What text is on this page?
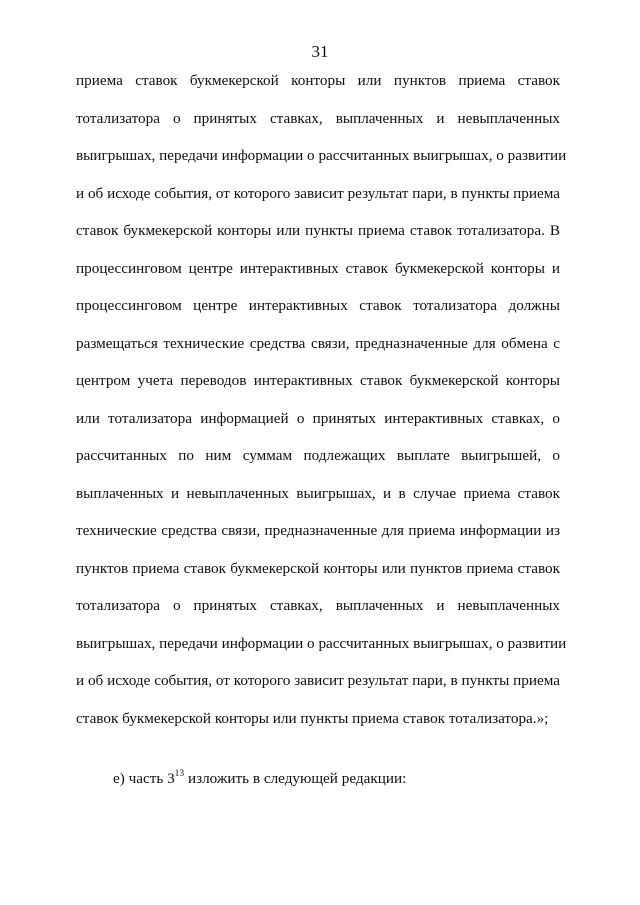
31
приема ставок букмекерской конторы или пунктов приема ставок
тотализатора о принятых ставках, выплаченных и невыплаченных
выигрышах, передачи информации о рассчитанных выигрышах, о развитии
и об исходе события, от которого зависит результат пари, в пункты приема
ставок букмекерской конторы или пункты приема ставок тотализатора. В
процессинговом центре интерактивных ставок букмекерской конторы и
процессинговом центре интерактивных ставок тотализатора должны
размещаться технические средства связи, предназначенные для обмена с
центром учета переводов интерактивных ставок букмекерской конторы
или тотализатора информацией о принятых интерактивных ставках, о
рассчитанных по ним суммам подлежащих выплате выигрышей, о
выплаченных и невыплаченных выигрышах, и в случае приема ставок
технические средства связи, предназначенные для приема информации из
пунктов приема ставок букмекерской конторы или пунктов приема ставок
тотализатора о принятых ставках, выплаченных и невыплаченных
выигрышах, передачи информации о рассчитанных выигрышах, о развитии
и об исходе события, от которого зависит результат пари, в пункты приема
ставок букмекерской конторы или пункты приема ставок тотализатора.»;
е) часть $3^{13}$ изложить в следующей редакции:
